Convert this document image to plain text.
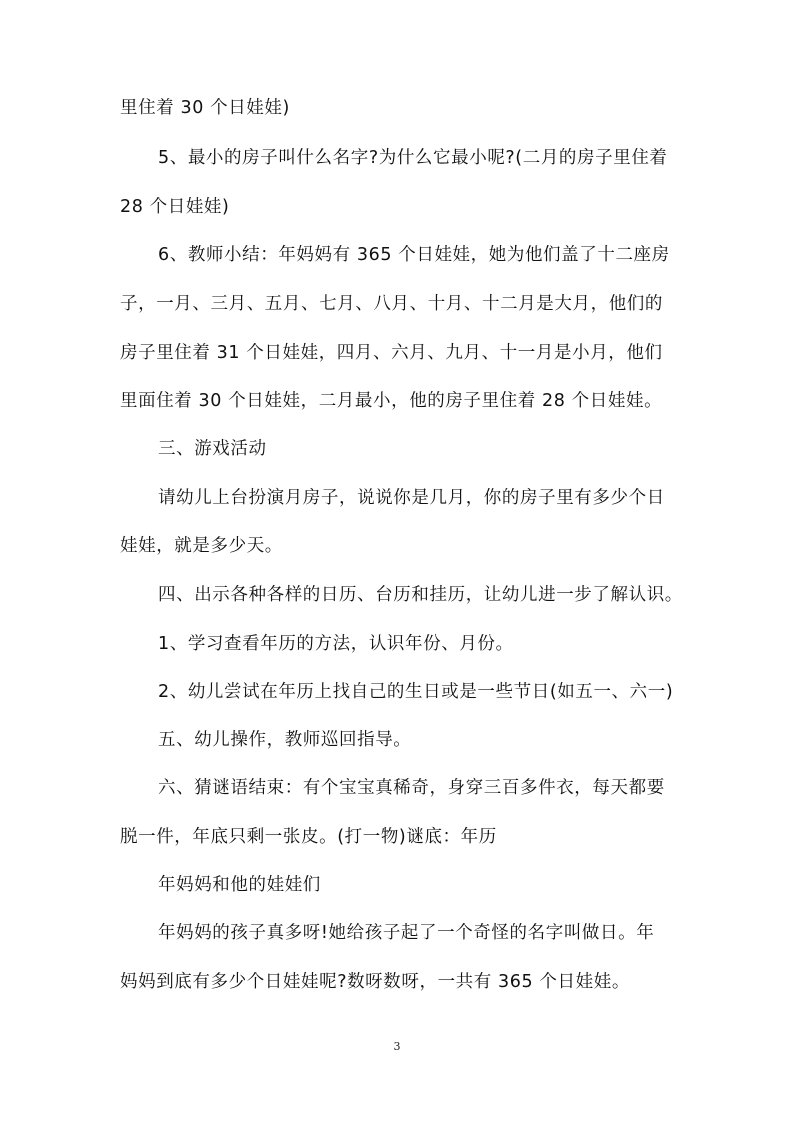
里住着 30 个日娃娃)
5、最小的房子叫什么名字?为什么它最小呢?(二月的房子里住着
28 个日娃娃)
6、教师小结：年妈妈有 365 个日娃娃，她为他们盖了十二座房
子，一月、三月、五月、七月、八月、十月、十二月是大月，他们的
房子里住着 31 个日娃娃，四月、六月、九月、十一月是小月，他们
里面住着 30 个日娃娃，二月最小，他的房子里住着 28 个日娃娃。
三、游戏活动
请幼儿上台扮演月房子，说说你是几月，你的房子里有多少个日
娃娃，就是多少天。
四、出示各种各样的日历、台历和挂历，让幼儿进一步了解认识。
1、学习查看年历的方法，认识年份、月份。
2、幼儿尝试在年历上找自己的生日或是一些节日(如五一、六一)
五、幼儿操作，教师巡回指导。
六、猜谜语结束：有个宝宝真稀奇，身穿三百多件衣，每天都要
脱一件，年底只剩一张皮。(打一物)谜底：年历
年妈妈和他的娃娃们
年妈妈的孩子真多呀!她给孩子起了一个奇怪的名字叫做日。年
妈妈到底有多少个日娃娃呢?数呀数呀，一共有 365 个日娃娃。
3
